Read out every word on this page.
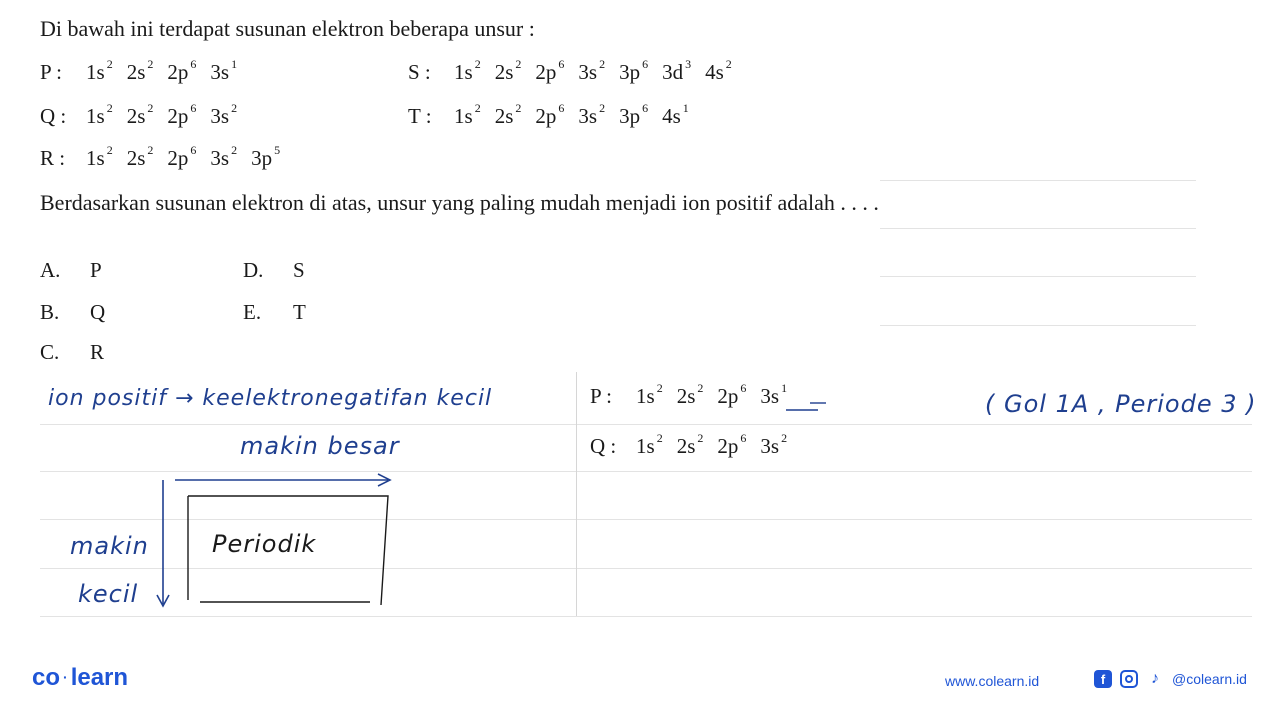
Di bawah ini terdapat susunan elektron beberapa unsur :
P : 1s $^2$ 2s $^2$ 2p $^6$ 3s $^1$
Q : 1s $^2$ 2s $^2$ 2p $^6$ 3s $^2$
R : 1s $^2$ 2s $^2$ 2p $^6$ 3s $^2$ 3p $^5$
S : 1s $^2$ 2s $^2$ 2p $^6$ 3s $^2$ 3p $^6$ 3d $^3$ 4s $^2$
T : 1s $^2$ 2s $^2$ 2p $^6$ 3s $^2$ 3p $^6$ 4s $^1$
Berdasarkan susunan elektron di atas, unsur yang paling mudah menjadi ion positif adalah . . . .
A. P
B. Q
C. R
D. S
E. T
ion positif → keelektronegatifan kecil
makin besar
makin
kecil
Periodik
P : 1s $^2$ 2s $^2$ 2p $^6$ 3s $^1$
Q : 1s $^2$ 2s $^2$ 2p $^6$ 3s $^2$
( Gol 1A , Periode 3 )
co · learn	www.colearn.id	f	♪ @colearn.id
